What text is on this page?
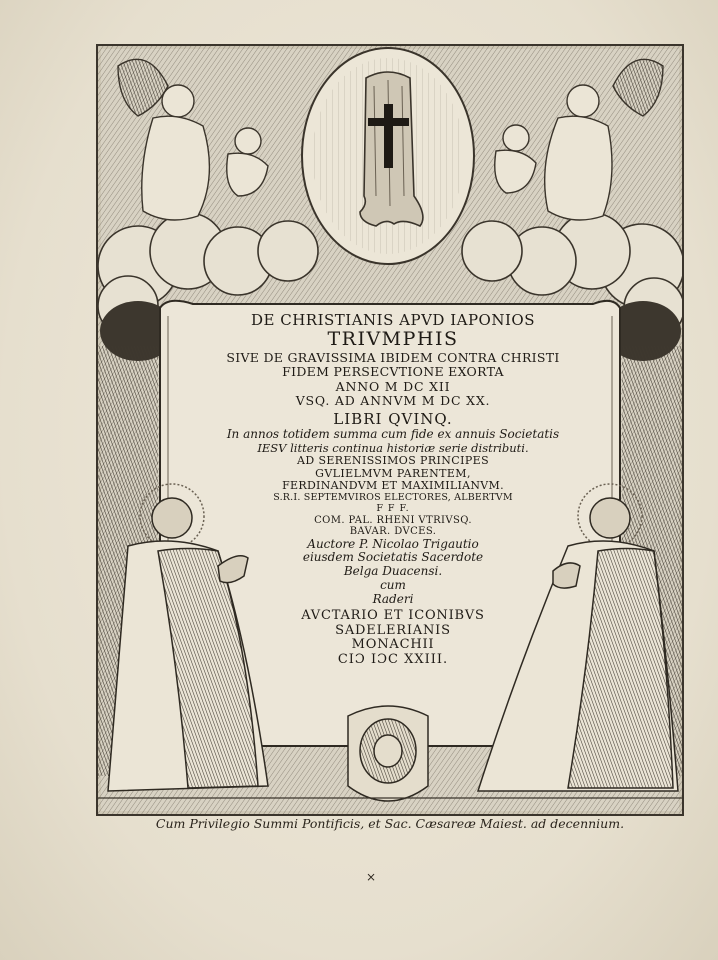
DE CHRISTIANIS APVD IAPONIOS
TRIVMPHIS
SIVE DE GRAVISSIMA IBIDEM CONTRA CHRISTI
FIDEM PERSECVTIONE EXORTA
ANNO M DC XII
VSQ. AD ANNVM M DC XX.
LIBRI QVINQ.
In annos totidem summa cum fide ex annuis Societatis
IESV litteris continua historiæ serie distributi.
AD SERENISSIMOS PRINCIPES
GVLIELMVM PARENTEM,
FERDINANDVM ET MAXIMILIANVM.
S.R.I. SEPTEMVIROS ELECTORES, ALBERTVM
F F F.
COM. PAL. RHENI VTRIVSQ.
BAVAR. DVCES.
Auctore P. Nicolao Trigautio
eiusdem Societatis Sacerdote
Belga Duacensi.
cum
Raderi
AVCTARIO ET ICONIBVS
SADELERIANIS
MONACHII
CIƆ IƆC XXIII.
Cum Privilegio Summi Pontificis, et Sac. Cæsareæ Maiest. ad decennium.
×
